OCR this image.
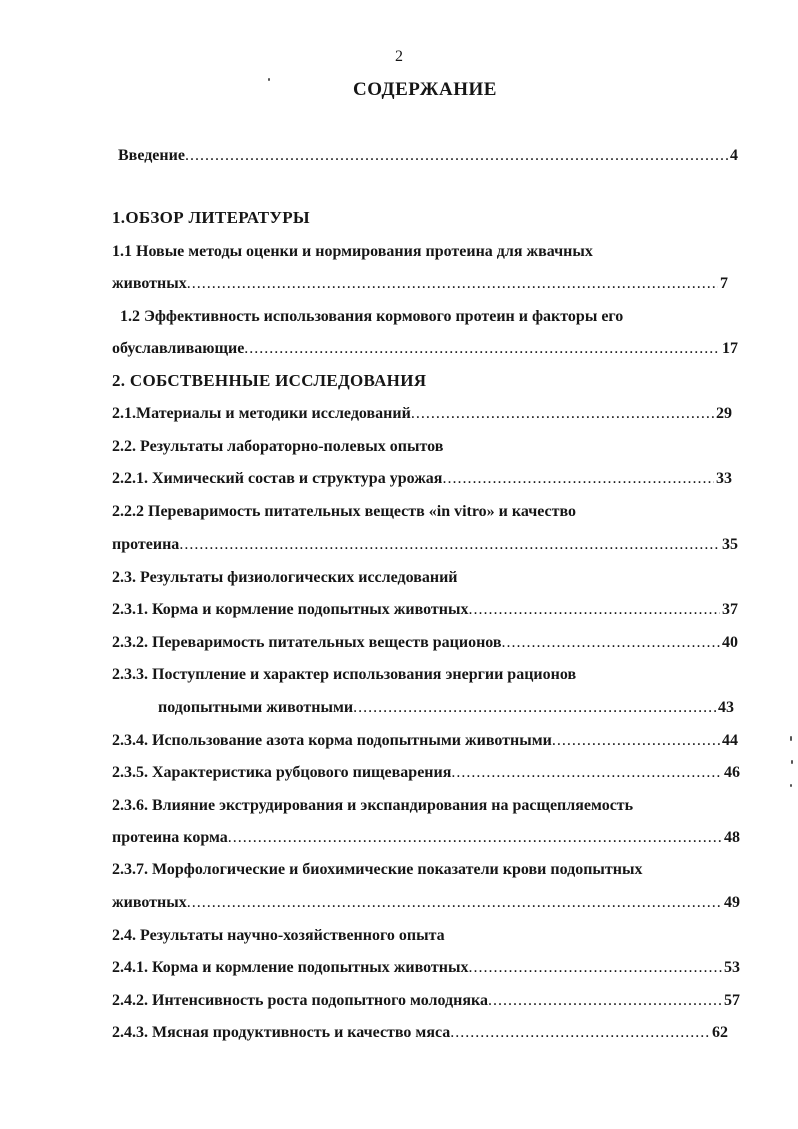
2
СОДЕРЖАНИЕ
Введение .....	4
1.ОБЗОР ЛИТЕРАТУРЫ
1.1 Новые методы оценки и нормирования протеина для жвачных
животных .....	7
1.2 Эффективность использования кормового протеин и факторы его
обуславливающие .....	17
2. СОБСТВЕННЫЕ ИССЛЕДОВАНИЯ
2.1.Материалы и методики исследований .....	29
2.2. Результаты лабораторно-полевых опытов
2.2.1. Химический состав и структура урожая .....	33
2.2.2 Переваримость питательных веществ «in vitro» и качество
протеина .....	35
2.3. Результаты физиологических исследований
2.3.1. Корма и кормление подопытных животных .....	37
2.3.2. Переваримость питательных веществ рационов .....	40
2.3.3. Поступление и характер использования энергии рационов
подопытными животными .....	43
2.3.4. Использование азота корма подопытными животными .....	44
2.3.5. Характеристика рубцового пищеварения .....	46
2.3.6. Влияние экструдирования и экспандирования на расщепляемость
протеина корма .....	48
2.3.7. Морфологические и биохимические показатели крови подопытных
животных .....	49
2.4. Результаты научно-хозяйственного опыта
2.4.1. Корма и кормление подопытных животных .....	53
2.4.2. Интенсивность роста подопытного молодняка .....	57
2.4.3. Мясная продуктивность и качество мяса .....	62
